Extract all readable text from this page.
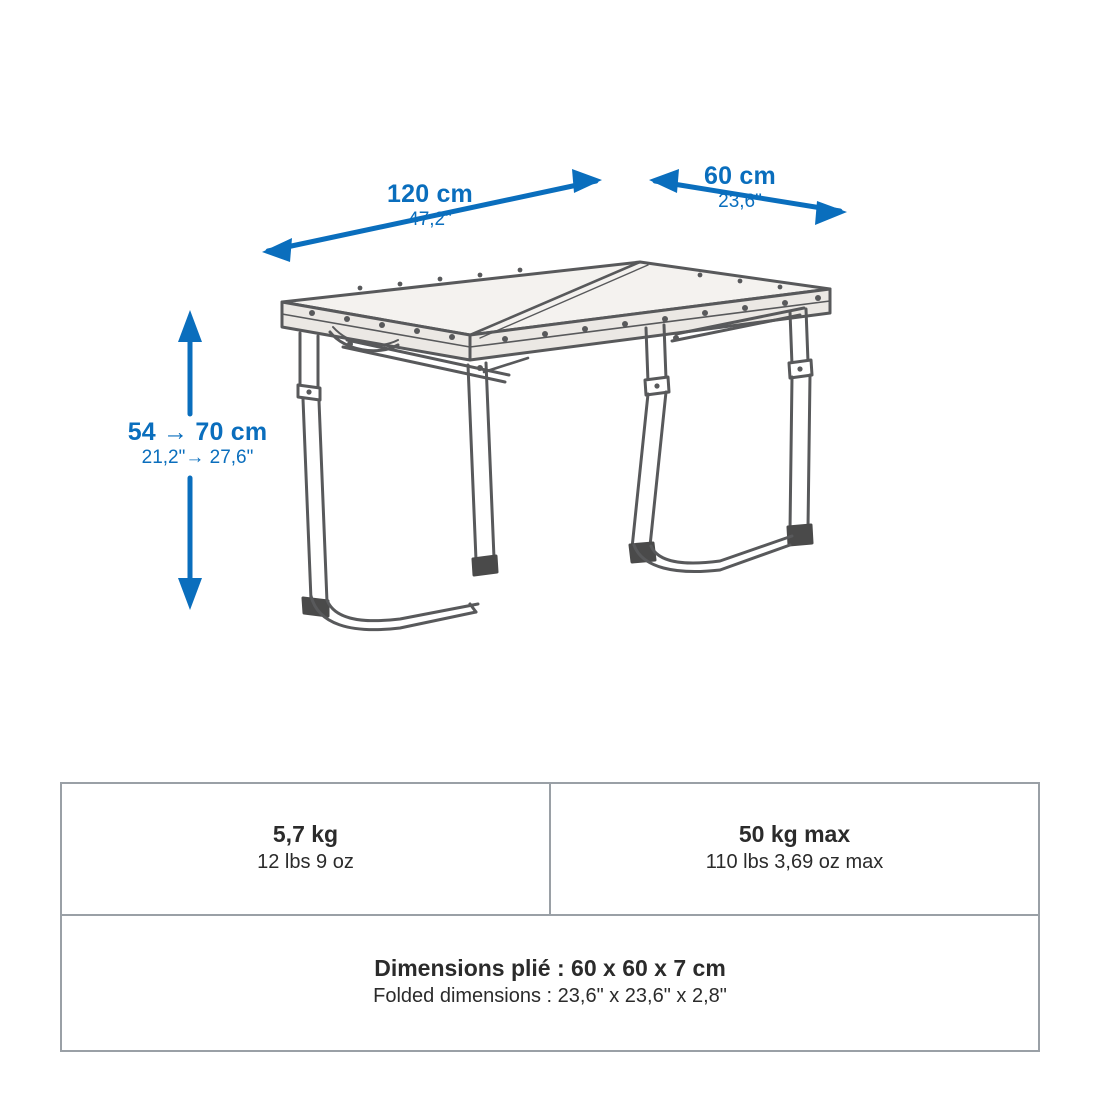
120 cm
47,2"
60 cm
23,6"
54 → 70 cm
21,2"→ 27,6"
5,7 kg
12 lbs 9 oz

50 kg max
110 lbs 3,69 oz max

Dimensions plié : 60 x 60 x 7 cm
Folded dimensions : 23,6" x 23,6" x 2,8"
